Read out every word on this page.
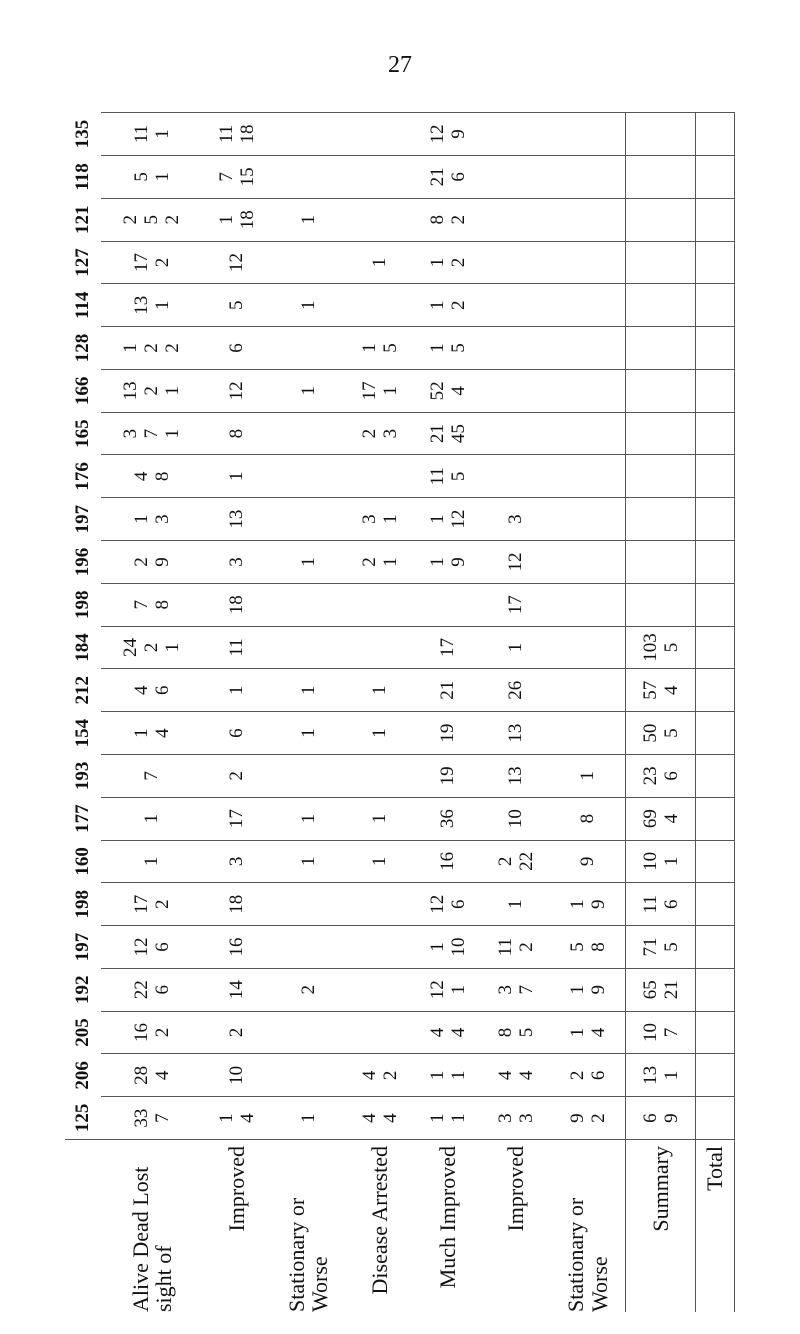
27
	125	206	205	192	197	198	160	177	193	154	212	184	198	196	197	176	165	166	128	114	127	121	118	135
Alive Dead Lost sight of	33 7	28 4	16 2	22 6	12 6	17 2	1	1	7	1 4	4 6	24 2 1	7 8	2 9	1 3	4 8	3 7 1	13 2 1	1 2 2	13 1	17 2	2 5 2	5 1	11 1

Improved	1 4	10	2	14	16	18	3	17	2	6	1	11	18	3	13	1	8	12	6	5	12	1 18	7 15	11 18

Stationary or Worse	1			2			1	1		1	1			1				1		1		1		

Disease Arrested	4 4	4 2					1	1		1	1			2 1	3 1		2 3	17 1	1 5		1			

Much Improved	1 1	1 1	4 4	12 1	1 10	12 6	16	36	19	19	21	17		1 9	1 12	11 5	21 45	52 4	1 5	1 2	1 2	8 2	21 6	12 9

Improved	3 3	4 4	8 5	3 7	11 2	1	2 22	10	13	13	26	1	17	12	3									

Stationary or Worse	9 2	2 6	1 4	1 9	5 8	1 9	9	8	1															

Summary	6 9	13 1	10 7	65 21	71 5	11 6	10 1	69 4	23 6	50 5	57 4	103 5												

Total	
